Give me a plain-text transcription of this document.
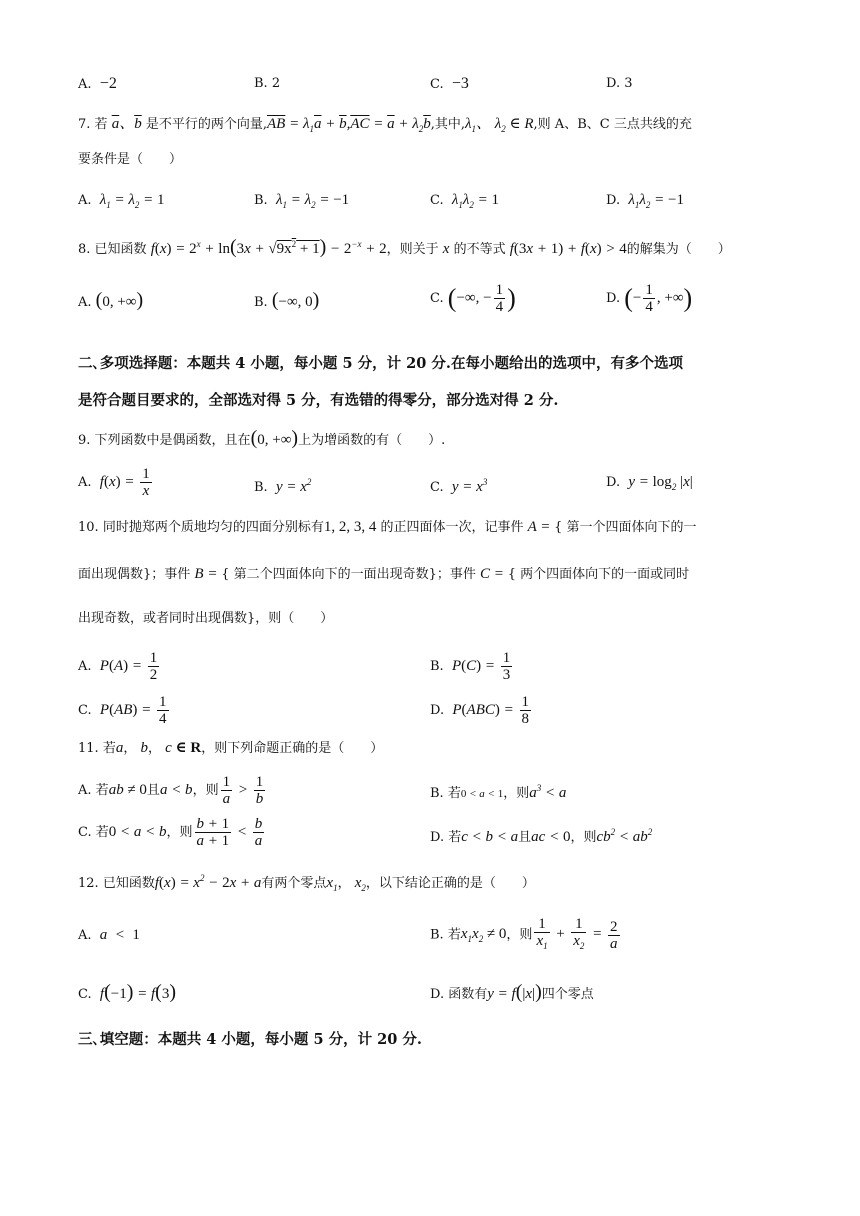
A. −2	B. 2	C. −3	D. 3
7. 若 $\overline{a}$、$\overline{b}$ 是不平行的两个向量$,\overline{AB} = \lambda_1\overline{a} + \overline{b},\overline{AC} = \overline{a} + \lambda_2\overline{b}$,其中$,\lambda_1$、 $\lambda_2$ ∈ R,则 A、B、C 三点共线的充
要条件是（　　）
A. $\lambda_1 = \lambda_2 = 1$	B. $\lambda_1 = \lambda_2 = -1$	C. $\lambda_1\lambda_2 = 1$	D. $\lambda_1\lambda_2 = -1$
8. 已知函数 $f(x) = 2^x + \ln(3x + √9x^2 + 1) - 2^{-x} + 2$，则关于 x 的不等式 f(3x + 1) + f(x) > 4的解集为（　　）
A. (0, +∞)	B. (−∞, 0)	C. (−∞, − $\frac{1}{4}$ )	D. (− $\frac{1}{4}$ , +∞)
二､多项选择题：本题共 4 小题，每小题 5 分，计 20 分.在每小题给出的选项中，有多个选项
是符合题目要求的，全部选对得 5 分，有选错的得零分，部分选对得 2 分.
9. 下列函数中是偶函数，且在(0, +∞)上为增函数的有（　　）.
A. $f(x) = \frac{1}{x}$	B. $y = x^2$	C. $y = x^3$	D. $y = \log_2 |x|$
10. 同时抛郑两个质地均匀的四面分别标有1, 2, 3, 4 的正四面体一次，记事件 A = { 第一个四面体向下的一
面出现偶数}；事件 B = { 第二个四面体向下的一面出现奇数}；事件 C = { 两个四面体向下的一面或同时
出现奇数，或者同时出现偶数}，则（　　）
A. $P(A) = \frac{1}{2}$	B. $P(C) = \frac{1}{3}$
C. $P(AB) = \frac{1}{4}$	D. $P(ABC) = \frac{1}{8}$
11. 若a， b， c ∈ R，则下列命题正确的是（　　）
A. 若ab ≠ 0且a < b，则 $\frac{1}{a} > \frac{1}{b}$	B. 若0 < a < 1，则$a^3 < a$
C. 若0 < a < b，则 $\frac{b + 1}{a + 1} < \frac{b}{a}$	D. 若c < b < a且ac < 0，则$cb^2 < ab^2$
12. 已知函数$f(x) = x^2 - 2x + a$有两个零点$x_1$， $x_2$，以下结论正确的是（　　）
A. a  <  1	B. 若$x_1x_2 \ne 0$，则 $\frac{1}{x_1} + \frac{1}{x_2} = \frac{2}{a}$
C. f(−1) = f(3)	D. 函数有y = f(|x|)四个零点
三､填空题：本题共 4 小题，每小题 5 分，计 20 分.
